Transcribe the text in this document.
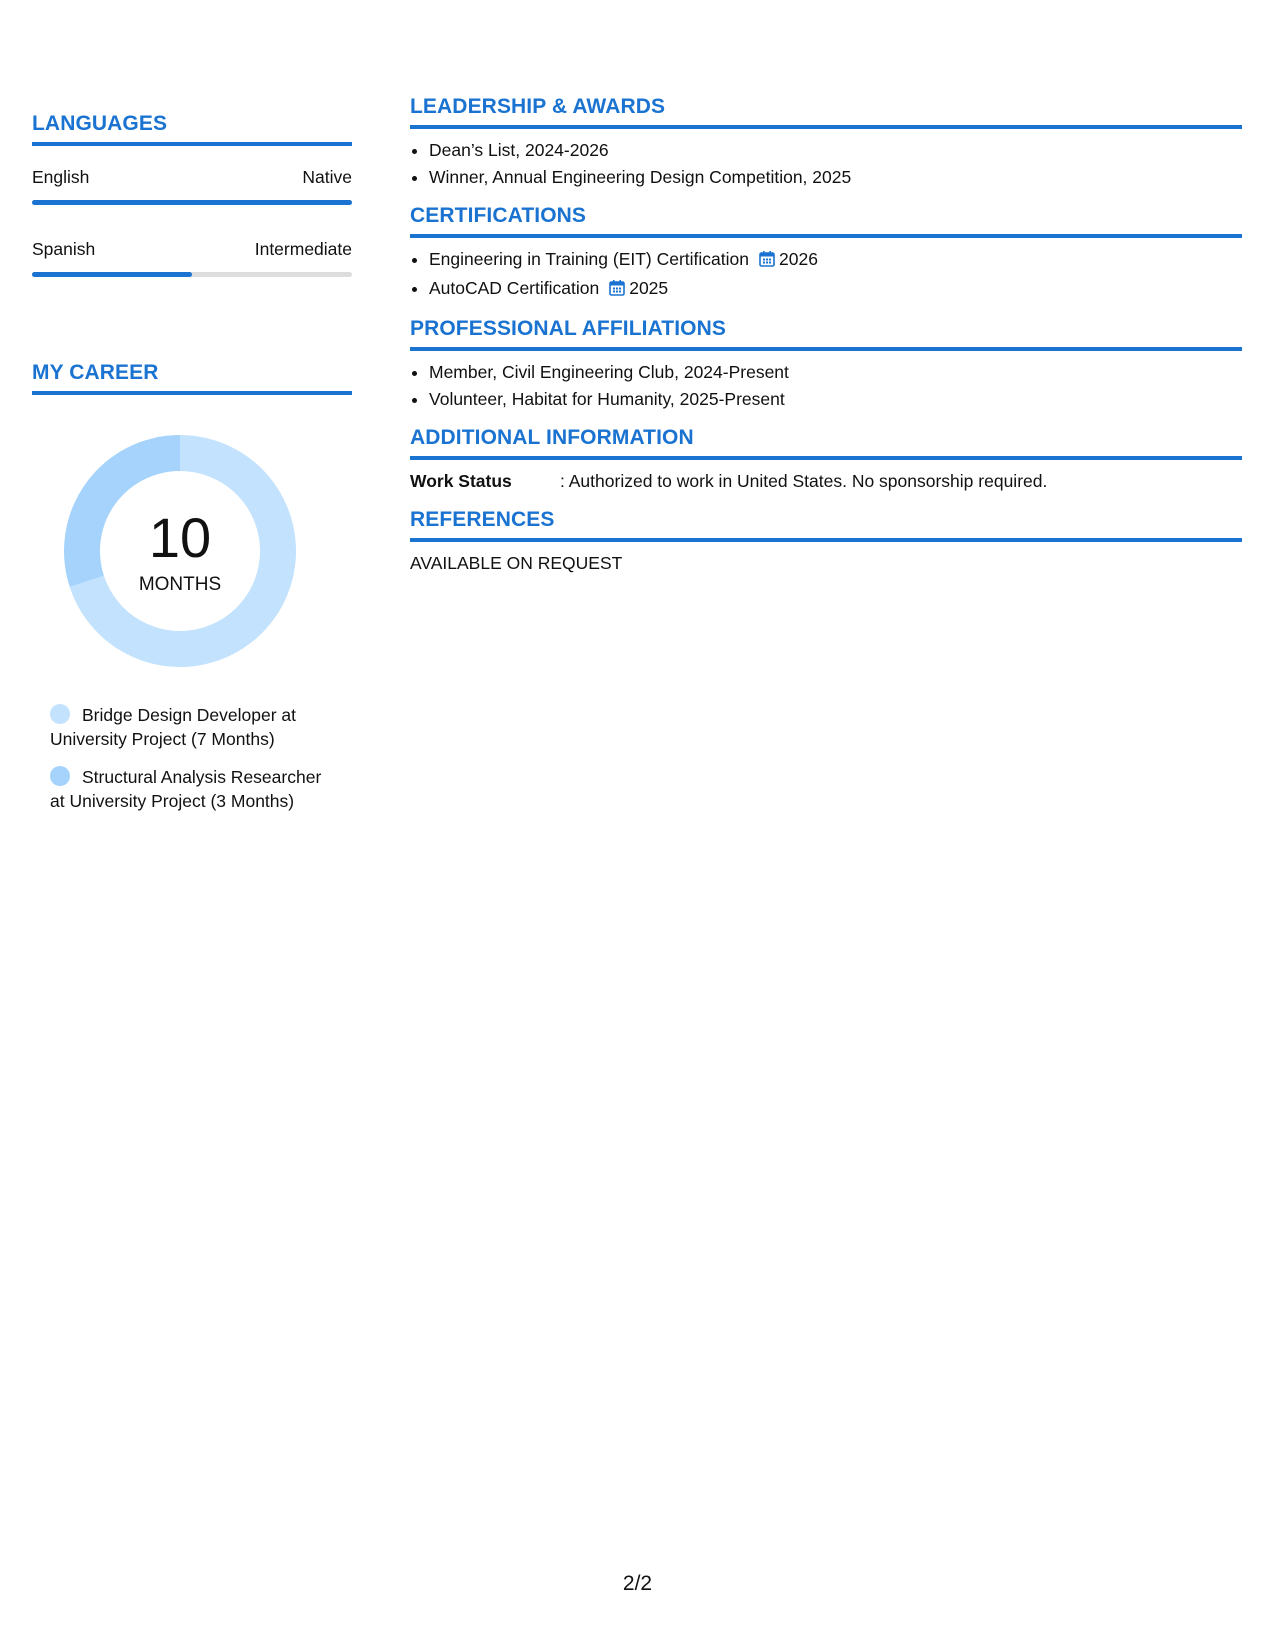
LANGUAGES
English	Native
Spanish	Intermediate
MY CAREER
10
MONTHS
Bridge Design Developer at University Project (7 Months)
Structural Analysis Researcher at University Project (3 Months)
LEADERSHIP & AWARDS
• Dean’s List, 2024-2026
• Winner, Annual Engineering Design Competition, 2025
CERTIFICATIONS
• Engineering in Training (EIT) Certification 2026
• AutoCAD Certification 2025
PROFESSIONAL AFFILIATIONS
• Member, Civil Engineering Club, 2024-Present
• Volunteer, Habitat for Humanity, 2025-Present
ADDITIONAL INFORMATION
Work Status	: Authorized to work in United States. No sponsorship required.
REFERENCES
AVAILABLE ON REQUEST
2/2
